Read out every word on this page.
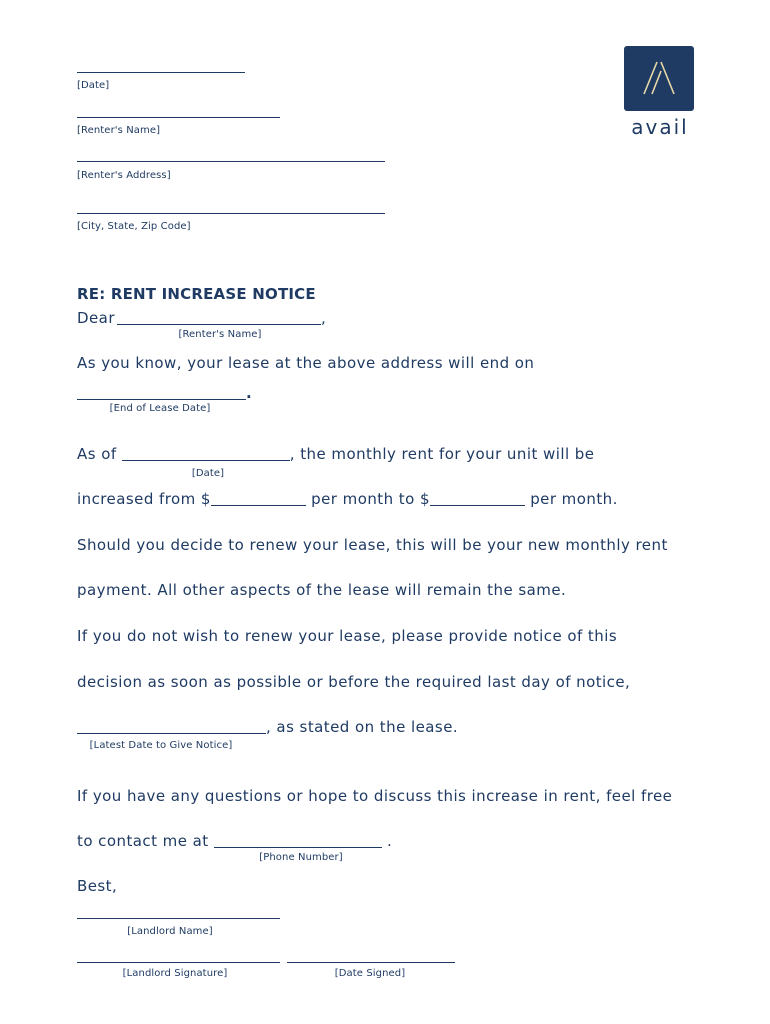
[Date]
[Renter's Name]
[Renter's Address]
[City, State, Zip Code]
avail
RE: RENT INCREASE NOTICE
Dear	,
[Renter's Name]
As you know, your lease at the above address will end on
.
[End of Lease Date]
As of	, the monthly rent for your unit will be
[Date]
increased from $	per month to $	per month.
Should you decide to renew your lease, this will be your new monthly rent
payment. All other aspects of the lease will remain the same.
If you do not wish to renew your lease, please provide notice of this
decision as soon as possible or before the required last day of notice,
, as stated on the lease.
[Latest Date to Give Notice]
If you have any questions or hope to discuss this increase in rent, feel free
to contact me at	.
[Phone Number]
Best,
[Landlord Name]
[Landlord Signature]	[Date Signed]
